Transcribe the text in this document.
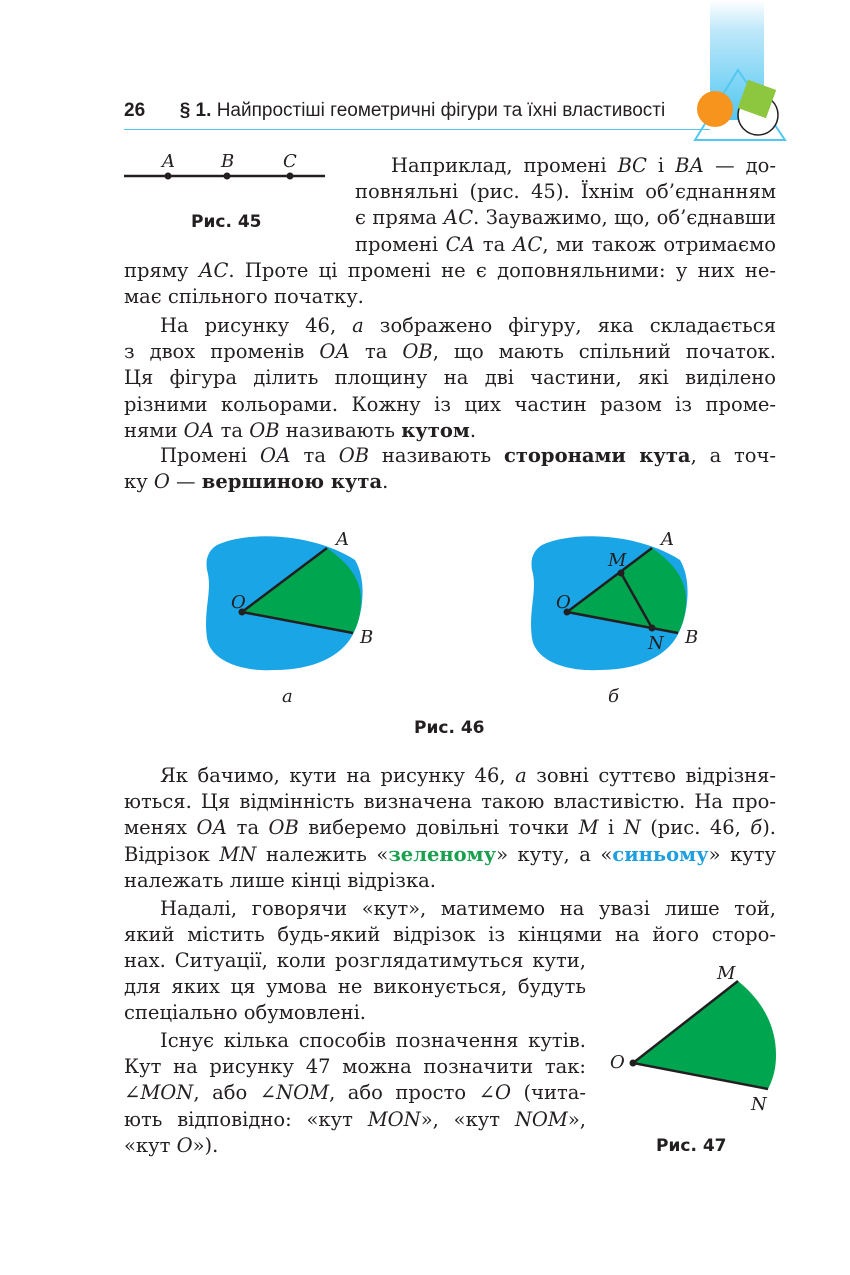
26 § 1. Найпростіші геометричні фігури та їхні властивості
A	B	C
Рис. 45
Наприклад, промені ВС і ВА — до-
повняльні (рис. 45). Їхнім об’єднанням
є пряма АС. Зауважимо, що, об’єднавши
промені СА та АС, ми також отримаємо
пряму АС. Проте ці промені не є доповняльними: у них не-
має спільного початку.
На рисунку 46, а зображено фігуру, яка складається
з двох променів ОА та ОВ, що мають спільний початок.
Ця фігура ділить площину на дві частини, які виділено
різними кольорами. Кожну із цих частин разом із проме-
нями ОА та ОВ називають кутом.
Промені ОА та ОВ називають сторонами кута, а точ-
ку О — вершиною кута.
A
O
B
а
M
A
O
N B
б
Рис. 46
Як бачимо, кути на рисунку 46, а зовні суттєво відрізня-
ються. Ця відмінність визначена такою властивістю. На про-
менях ОА та ОВ виберемо довільні точки M і N (рис. 46, б).
Відрізок MN належить «зеленому» куту, а «синьому» куту
належать лише кінці відрізка.
Надалі, говорячи «кут», матимемо на увазі лише той,
який містить будь-який відрізок із кінцями на його сторо-
нах. Ситуації, коли розглядатимуться кути,
для яких ця умова не виконується, будуть
спеціально обумовлені.
Існує кілька способів позначення кутів.
Кут на рисунку 47 можна позначити так:
∠MON, або ∠NOM, або просто ∠O (чита-
ють відповідно: «кут MON», «кут NOM»,
«кут O»).
M
O
N
Рис. 47
